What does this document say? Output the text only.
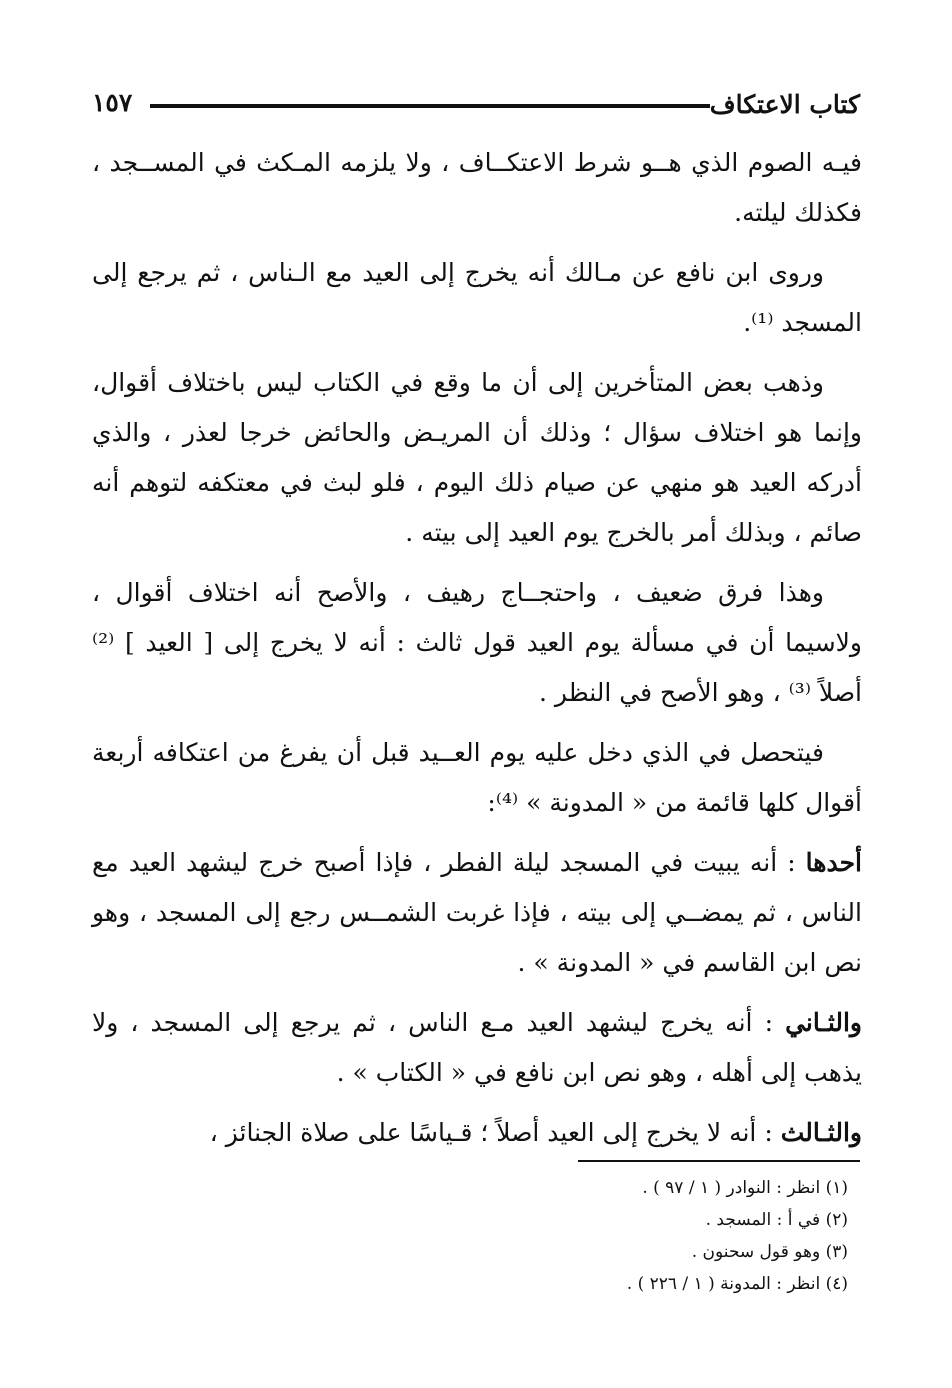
كتاب الاعتكاف
١٥٧

فيـه الصوم الذي هــو شرط الاعتكــاف ، ولا يلزمه المـكث في المســجد ، فكذلك ليلته.

وروى ابن نافع عن مـالك أنه يخرج إلى العيد مع الـناس ، ثم يرجع إلى المسجد ⁽¹⁾.

وذهب بعض المتأخرين إلى أن ما وقع في الكتاب ليس باختلاف أقوال، وإنما هو اختلاف سؤال ؛ وذلك أن المريـض والحائض خرجا لعذر ، والذي أدركه العيد هو منهي عن صيام ذلك اليوم ، فلو لبث في معتكفه لتوهم أنه صائم ، وبذلك أمر بالخرج يوم العيد إلى بيته .

وهذا فرق ضعيف ، واحتجــاج رهيف ، والأصح أنه اختلاف أقوال ، ولاسيما أن في مسألة يوم العيد قول ثالث : أنه لا يخرج إلى [ العيد ] ⁽²⁾ أصلاً ⁽³⁾ ، وهو الأصح في النظر .

فيتحصل في الذي دخل عليه يوم العــيد قبل أن يفرغ من اعتكافه أربعة أقوال كلها قائمة من « المدونة » ⁽⁴⁾:

أحدها : أنه يبيت في المسجد ليلة الفطر ، فإذا أصبح خرج ليشهد العيد مع الناس ، ثم يمضــي إلى بيته ، فإذا غربت الشمــس رجع إلى المسجد ، وهو نص ابن القاسم في « المدونة » .

والثـاني : أنه يخرج ليشهد العيد مـع الناس ، ثم يرجع إلى المسجد ، ولا يذهب إلى أهله ، وهو نص ابن نافع في « الكتاب » .

والثـالث : أنه لا يخرج إلى العيد أصلاً ؛ قـياسًا على صلاة الجنائز ،

(١) انظر : النوادر ( ١ / ٩٧ ) .
(٢) في أ : المسجد .
(٣) وهو قول سحنون .
(٤) انظر : المدونة ( ١ / ٢٢٦ ) .
